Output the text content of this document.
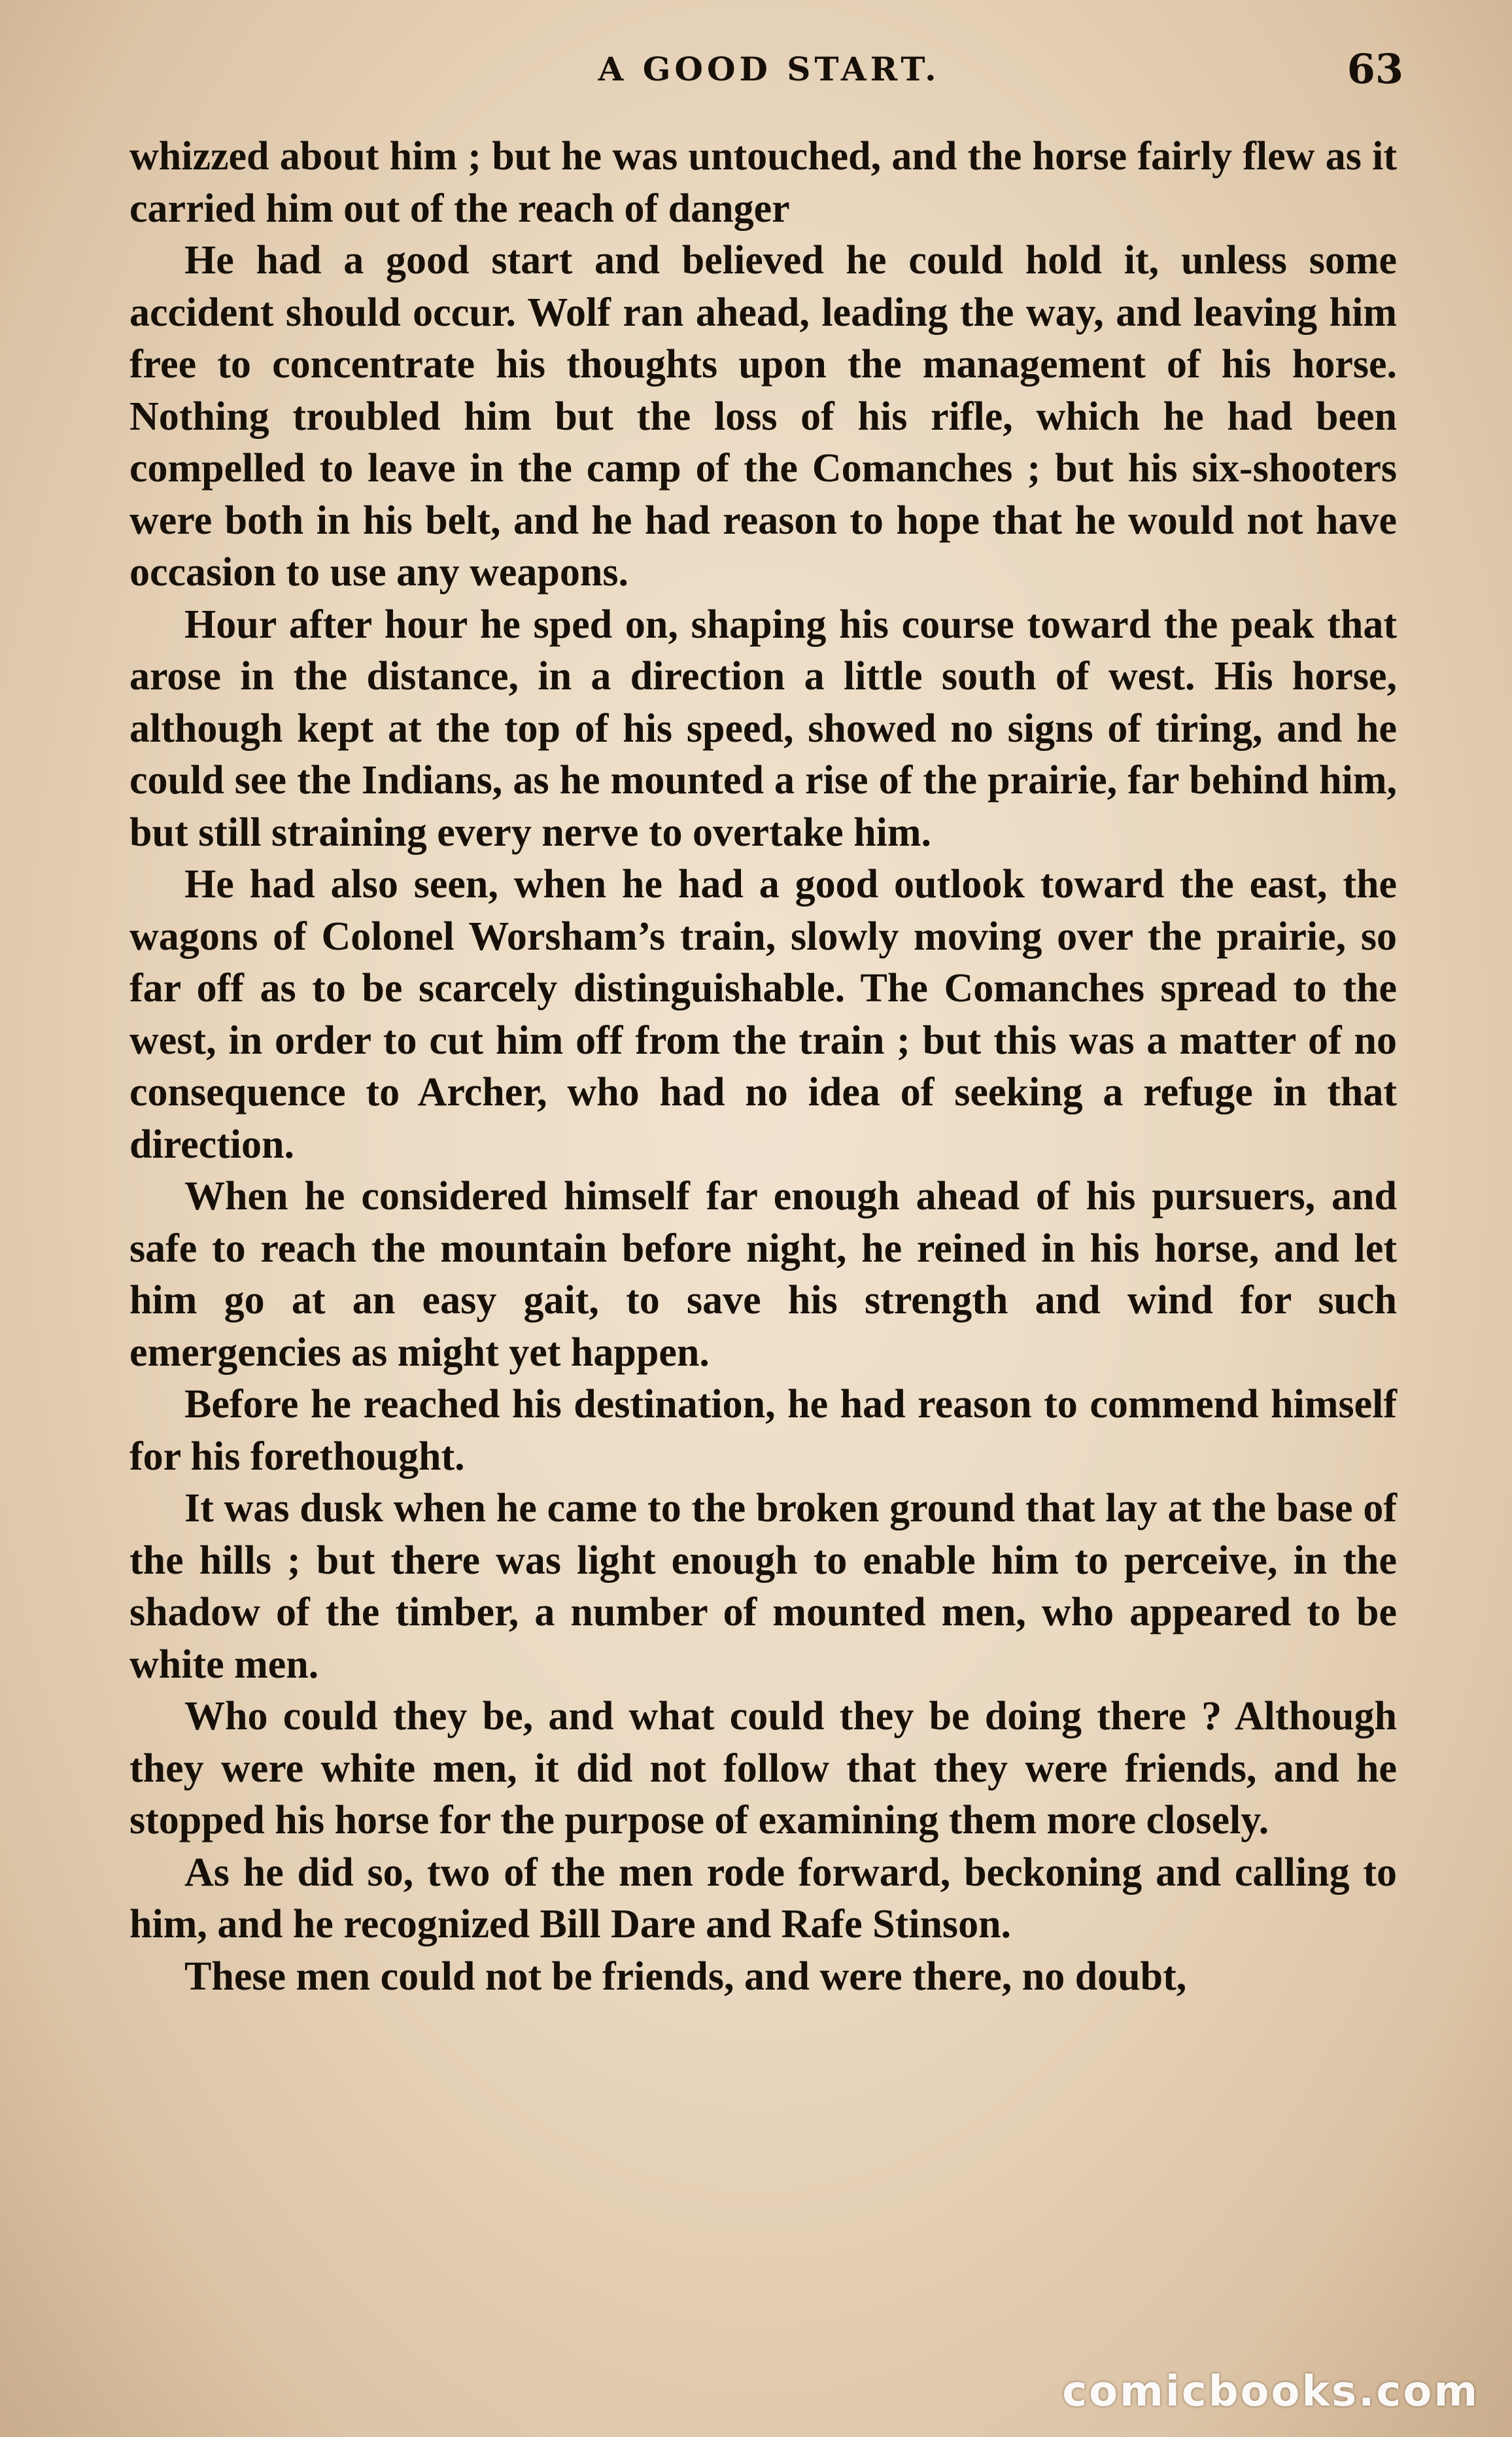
A GOOD START.	63

whizzed about him ; but he was untouched, and the horse fairly flew as it carried him out of the reach of danger

He had a good start and believed he could hold it, unless some accident should occur. Wolf ran ahead, leading the way, and leaving him free to concentrate his thoughts upon the management of his horse. Nothing troubled him but the loss of his rifle, which he had been compelled to leave in the camp of the Comanches ; but his six-shooters were both in his belt, and he had reason to hope that he would not have occasion to use any weapons.

Hour after hour he sped on, shaping his course toward the peak that arose in the distance, in a direction a little south of west. His horse, although kept at the top of his speed, showed no signs of tiring, and he could see the Indians, as he mounted a rise of the prairie, far behind him, but still straining every nerve to overtake him.

He had also seen, when he had a good outlook toward the east, the wagons of Colonel Worsham’s train, slowly moving over the prairie, so far off as to be scarcely distinguishable. The Comanches spread to the west, in order to cut him off from the train ; but this was a matter of no consequence to Archer, who had no idea of seeking a refuge in that direction.

When he considered himself far enough ahead of his pursuers, and safe to reach the mountain before night, he reined in his horse, and let him go at an easy gait, to save his strength and wind for such emergencies as might yet happen.

Before he reached his destination, he had reason to commend himself for his forethought.

It was dusk when he came to the broken ground that lay at the base of the hills ; but there was light enough to enable him to perceive, in the shadow of the timber, a number of mounted men, who appeared to be white men.

Who could they be, and what could they be doing there ? Although they were white men, it did not follow that they were friends, and he stopped his horse for the purpose of examining them more closely.

As he did so, two of the men rode forward, beckoning and calling to him, and he recognized Bill Dare and Rafe Stinson.

These men could not be friends, and were there, no doubt,

comicbooks.com
